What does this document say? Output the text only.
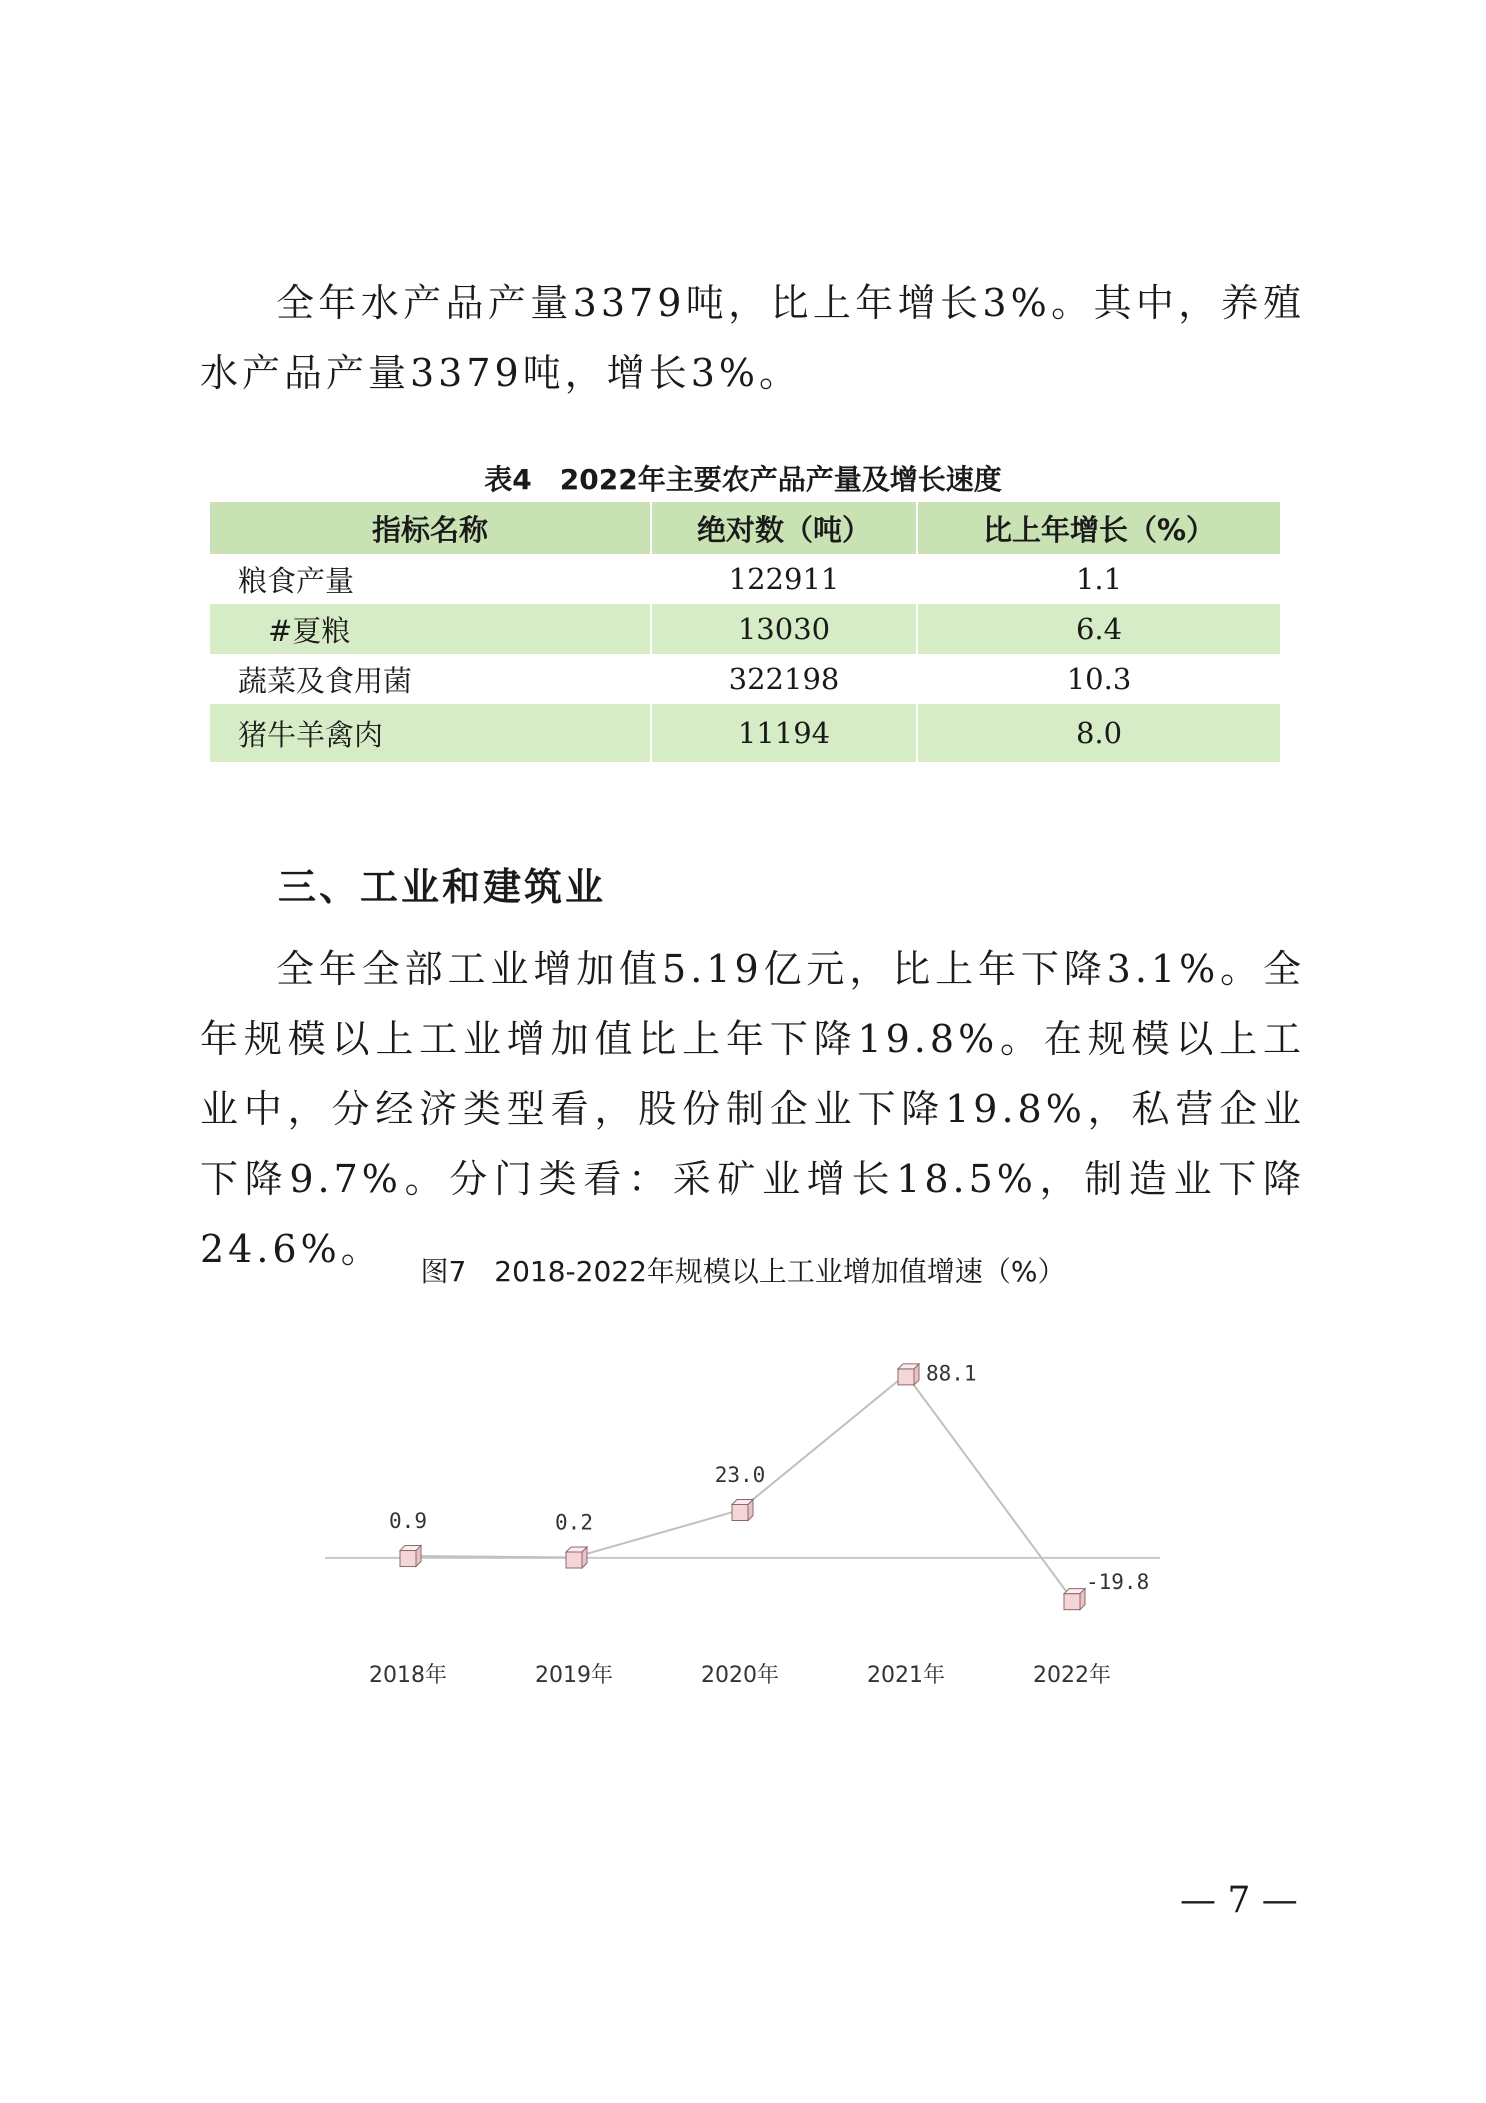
全年水产品产量3379吨，比上年增长3%。其中，养殖水产品产量3379吨，增长3%。

表4　2022年主要农产品产量及增长速度
指标名称	绝对数（吨）	比上年增长（%）
粮食产量	122911	1.1
#夏粮	13030	6.4
蔬菜及食用菌	322198	10.3
猪牛羊禽肉	11194	8.0
三、工业和建筑业

全年全部工业增加值5.19亿元，比上年下降3.1%。全年规模以上工业增加值比上年下降19.8%。在规模以上工业中，分经济类型看，股份制企业下降19.8%，私营企业下降9.7%。分门类看：采矿业增长18.5%，制造业下降24.6%。

图7　2018-2022年规模以上工业增加值增速（%）
0.9	0.2
23.0
88.1
-19.8
2018年	2019年	2020年	2021年	2022年
— 7 —
